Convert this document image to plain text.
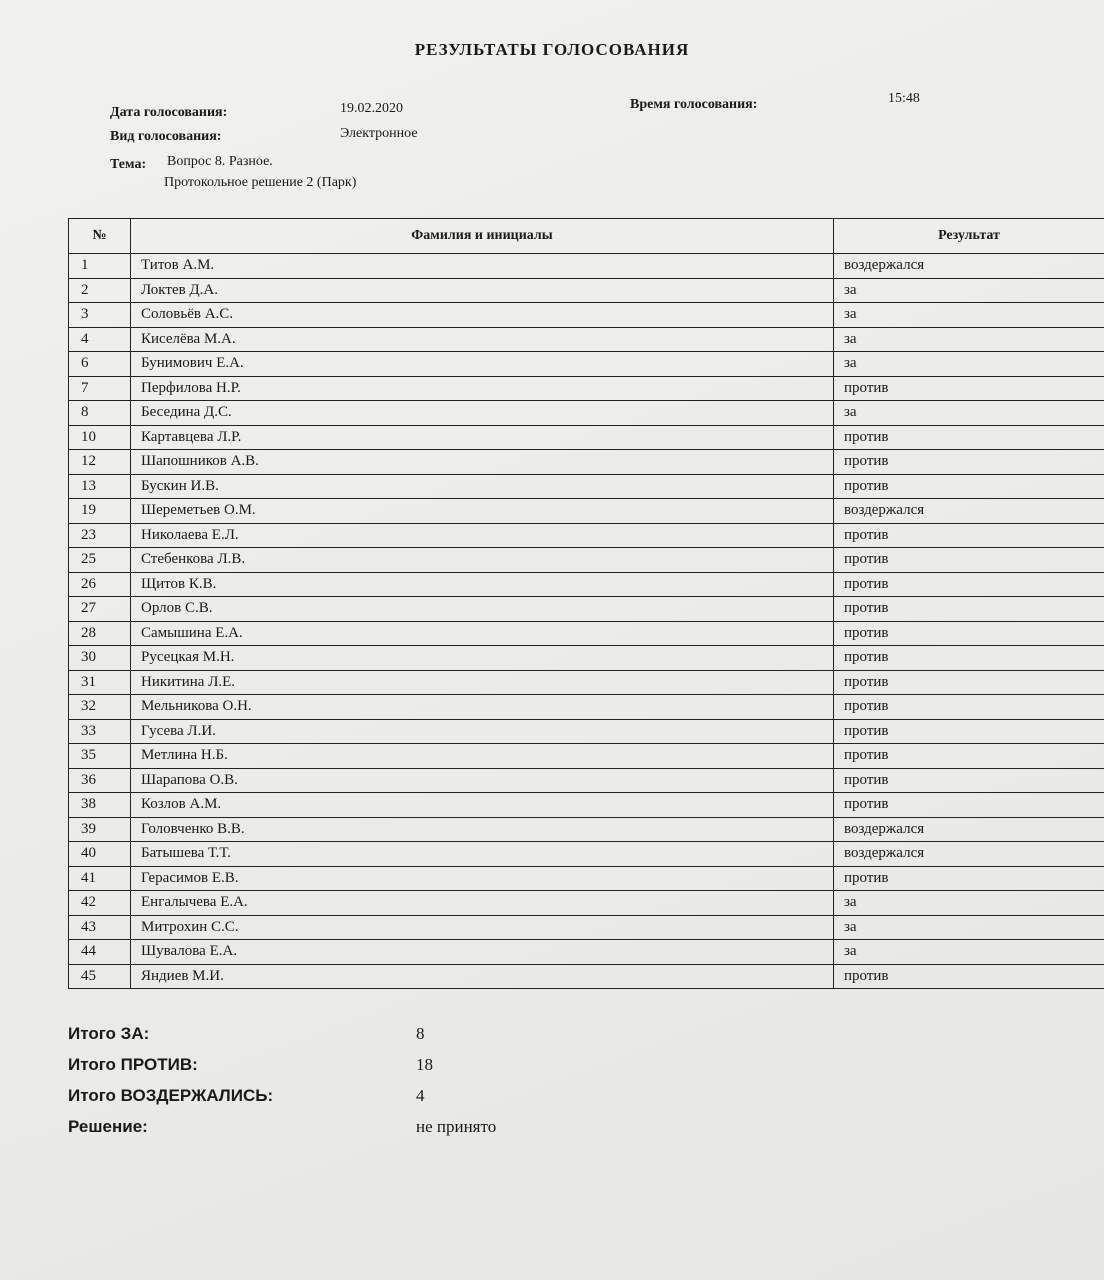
РЕЗУЛЬТАТЫ ГОЛОСОВАНИЯ
Дата голосования:	19.02.2020	Время голосования:	15:48
Вид голосования:	Электронное
Тема: Вопрос 8. Разное.
Протокольное решение 2 (Парк)
№	Фамилия и инициалы	Результат
1	Титов А.М.	воздержался
2	Локтев Д.А.	за
3	Соловьёв А.С.	за
4	Киселёва М.А.	за
6	Бунимович Е.А.	за
7	Перфилова Н.Р.	против
8	Беседина Д.С.	за
10	Картавцева Л.Р.	против
12	Шапошников А.В.	против
13	Бускин И.В.	против
19	Шереметьев О.М.	воздержался
23	Николаева Е.Л.	против
25	Стебенкова Л.В.	против
26	Щитов К.В.	против
27	Орлов С.В.	против
28	Самышина Е.А.	против
30	Русецкая М.Н.	против
31	Никитина Л.Е.	против
32	Мельникова О.Н.	против
33	Гусева Л.И.	против
35	Метлина Н.Б.	против
36	Шарапова О.В.	против
38	Козлов А.М.	против
39	Головченко В.В.	воздержался
40	Батышева Т.Т.	воздержался
41	Герасимов Е.В.	против
42	Енгалычева Е.А.	за
43	Митрохин С.С.	за
44	Шувалова Е.А.	за
45	Яндиев М.И.	против
Итого ЗА:	8
Итого ПРОТИВ:	18
Итого ВОЗДЕРЖАЛИСЬ:	4
Решение:	не принято
